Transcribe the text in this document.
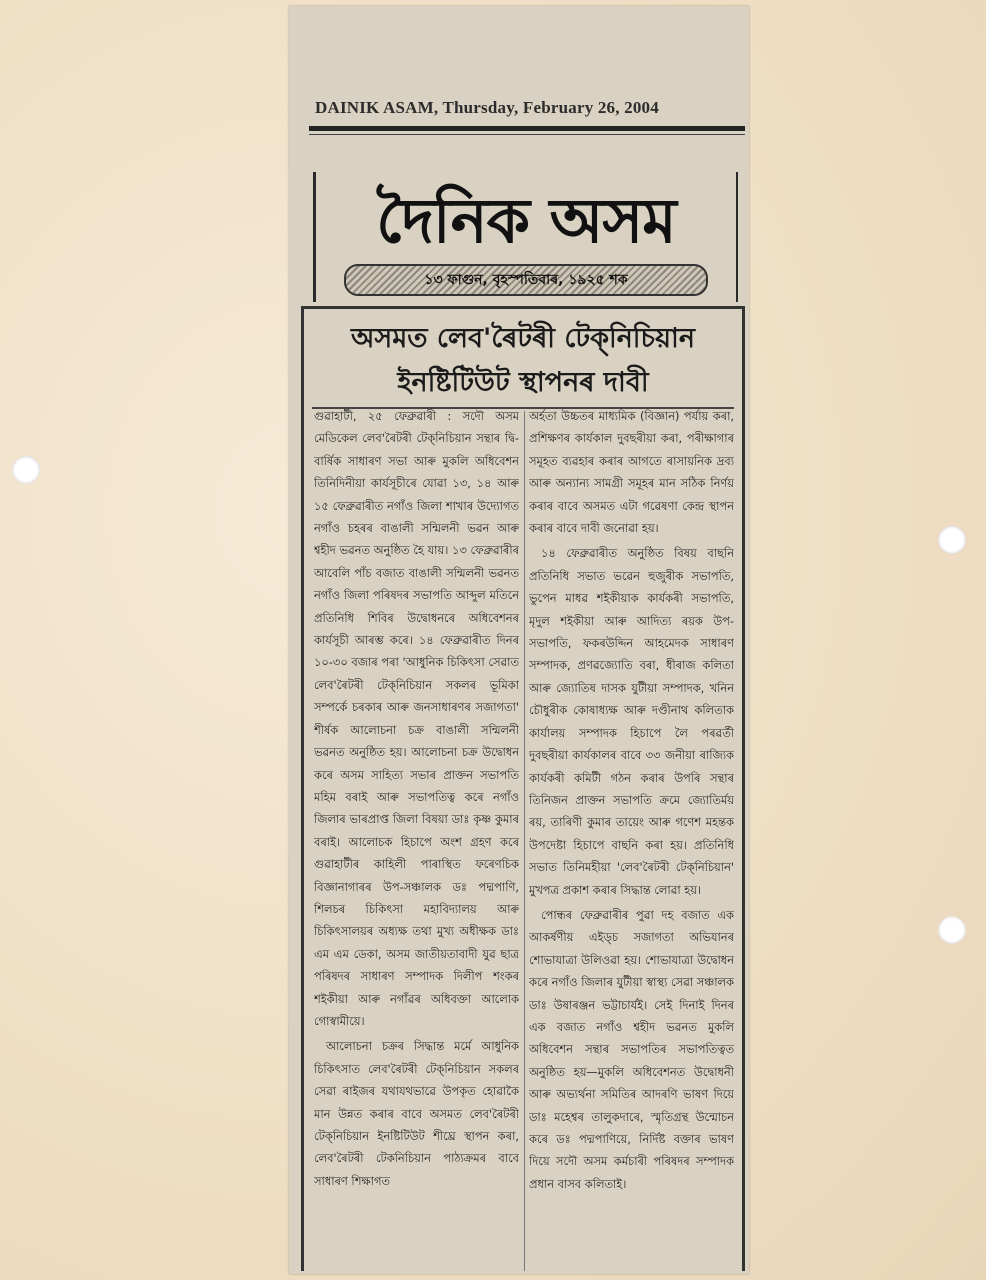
DAINIK ASAM, Thursday, February 26, 2004
দৈনিক অসম
১৩ ফাগুন, বৃহস্পতিবাৰ, ১৯২৫ শক
অসমত লেব'ৰৈটৰী টেক্‌নিচিয়ান
ইনষ্টিটিউট স্থাপনৰ দাবী

গুৱাহাটী, ২৫ ফেব্ৰুৱাৰী : সদৌ অসম মেডিকেল লেব'ৰৈটৰী টেক্‌নিচিয়ান সন্থাৰ দ্বি-বাৰ্ষিক সাধাৰণ সভা আৰু মুকলি অধিবেশন তিনিদিনীয়া কাৰ্যসূচীৰে যোৱা ১৩, ১৪ আৰু ১৫ ফেব্ৰুৱাৰীত নগাঁও জিলা শাখাৰ উদ্যোগত নগাঁও চহৰৰ বাঙালী সন্মিলনী ভৱন আৰু শ্বহীদ ভৱনত অনুষ্ঠিত হৈ যায়। ১৩ ফেব্ৰুৱাৰীৰ আবেলি পাঁচ বজাত বাঙালী সন্মিলনী ভৱনত নগাঁও জিলা পৰিষদৰ সভাপতি আব্দুল মতিনে প্ৰতিনিধি শিবিৰ উদ্বোধনৰে অধিবেশনৰ কাৰ্যসূচী আৰম্ভ কৰে। ১৪ ফেব্ৰুৱাৰীত দিনৰ ১০-৩০ বজাৰ পৰা 'আধুনিক চিকিৎসা সেৱাত লেব'ৰৈটৰী টেক্‌নিচিয়ান সকলৰ ভূমিকা সম্পৰ্কে চৰকাৰ আৰু জনসাধাৰণৰ সজাগতা' শীৰ্ষক আলোচনা চক্ৰ বাঙালী সন্মিলনী ভৱনত অনুষ্ঠিত হয়। আলোচনা চক্ৰ উদ্বোধন কৰে অসম সাহিত্য সভাৰ প্ৰাক্তন সভাপতি মহিম বৰাই আৰু সভাপতিত্ব কৰে নগাঁও জিলাৰ ভাৰপ্ৰাপ্ত জিলা বিষয়া ডাঃ কৃষ্ণ কুমাৰ বৰাই। আলোচক হিচাপে অংশ গ্ৰহণ কৰে গুৱাহাটীৰ কাহিলী পাৰাস্থিত ফৰেণচিক বিজ্ঞানাগাৰৰ উপ-সঞ্চালক ডঃ পদ্মপাণি, শিলচৰ চিকিৎসা মহাবিদ্যালয় আৰু চিকিৎসালয়ৰ অধ্যক্ষ তথা মুখ্য অধীক্ষক ডাঃ এম এম ডেকা, অসম জাতীয়তাবাদী যুৱ ছাত্ৰ পৰিষদৰ সাধাৰণ সম্পাদক দিলীপ শংকৰ শইকীয়া আৰু নগাঁৱৰ অধিবক্তা আলোক গোস্বামীয়ে।

আলোচনা চক্ৰৰ সিদ্ধান্ত মৰ্মে আধুনিক চিকিৎসাত লেব'ৰৈটৰী টেক্‌নিচিয়ান সকলৰ সেৱা ৰাইজৰ যথাযথভাৱে উপকৃত হোৱাকৈ মান উন্নত কৰাৰ বাবে অসমত লেব'ৰৈটৰী টেক্‌নিচিয়ান ইনষ্টিটিউট শীঘ্ৰে স্থাপন কৰা, লেব'ৰৈটৰী টেকনিচিয়ান পাঠ্যক্ৰমৰ বাবে সাধাৰণ শিক্ষাগত

অৰ্হতা উচ্চতৰ মাধ্যমিক (বিজ্ঞান) পৰ্যায় কৰা, প্ৰশিক্ষণৰ কাৰ্যকাল দুবছৰীয়া কৰা, পৰীক্ষাগাৰ সমূহত ব্যৱহাৰ কৰাৰ আগতে ৰাসায়নিক দ্ৰব্য আৰু অন্যান্য সামগ্ৰী সমূহৰ মান সঠিক নিৰ্ণয় কৰাৰ বাবে অসমত এটা গৱেষণা কেন্দ্ৰ স্থাপন কৰাৰ বাবে দাবী জনোৱা হয়।

১৪ ফেব্ৰুৱাৰীত অনুষ্ঠিত বিষয় বাছনি প্ৰতিনিধি সভাত ভৱেন হুজুৰীক সভাপতি, ভুপেন মাধৱ শইকীয়াক কাৰ্যকৰী সভাপতি, মৃদুল শইকীয়া আৰু আদিত্য ৰয়ক উপ-সভাপতি, ফকৰউদ্দিন আহমেদক সাধাৰণ সম্পাদক, প্ৰণৱজ্যোতি বৰা, ধীৰাজ কলিতা আৰু জ্যোতিষ দাসক যুটীয়া সম্পাদক, খনিন চৌধুৰীক কোষাধ্যক্ষ আৰু দণ্ডীনাথ কলিতাক কাৰ্যালয় সম্পাদক হিচাপে লৈ পৰৱৰ্তী দুবছৰীয়া কাৰ্যকালৰ বাবে ৩৩ জনীয়া ৰাজ্যিক কাৰ্যকৰী কমিটী গঠন কৰাৰ উপৰি সন্থাৰ তিনিজন প্ৰাক্তন সভাপতি ক্ৰমে জ্যোতিৰ্ময় ৰয়, তাৰিণী কুমাৰ তায়েং আৰু গণেশ মহন্তক উপদেষ্টা হিচাপে বাছনি কৰা হয়। প্ৰতিনিধি সভাত তিনিমহীয়া 'লেব'ৰৈটৰী টেক্‌নিচিয়ান' মুখপত্ৰ প্ৰকাশ কৰাৰ সিদ্ধান্ত লোৱা হয়।

পোন্ধৰ ফেব্ৰুৱাৰীৰ পুৱা দহ বজাত এক আকৰ্ষণীয় এইড্‌চ সজাগতা অভিযানৰ শোভাযাত্ৰা উলিওৱা হয়। শোভাযাত্ৰা উদ্বোধন কৰে নগাঁও জিলাৰ যুটীয়া স্বাস্থ্য সেৱা সঞ্চালক ডাঃ উষাৰঞ্জন ভট্টাচাৰ্যই। সেই দিনাই দিনৰ এক বজাত নগাঁও শ্বহীদ ভৱনত মুকলি অধিবেশন সন্থাৰ সভাপতিৰ সভাপতিত্বত অনুষ্ঠিত হয়—মুকলি অধিবেশনত উদ্বোধনী আৰু অভ্যৰ্থনা সমিতিৰ আদৰণি ভাষণ দিয়ে ডাঃ মহেশ্বৰ তালুকদাৰে, স্মৃতিগ্ৰন্থ উন্মোচন কৰে ডঃ পদ্মপাণিয়ে, নিৰ্দিষ্ট বক্তাৰ ভাষণ দিয়ে সদৌ অসম কৰ্মচাৰী পৰিষদৰ সম্পাদক প্ৰধান বাসব কলিতাই।
